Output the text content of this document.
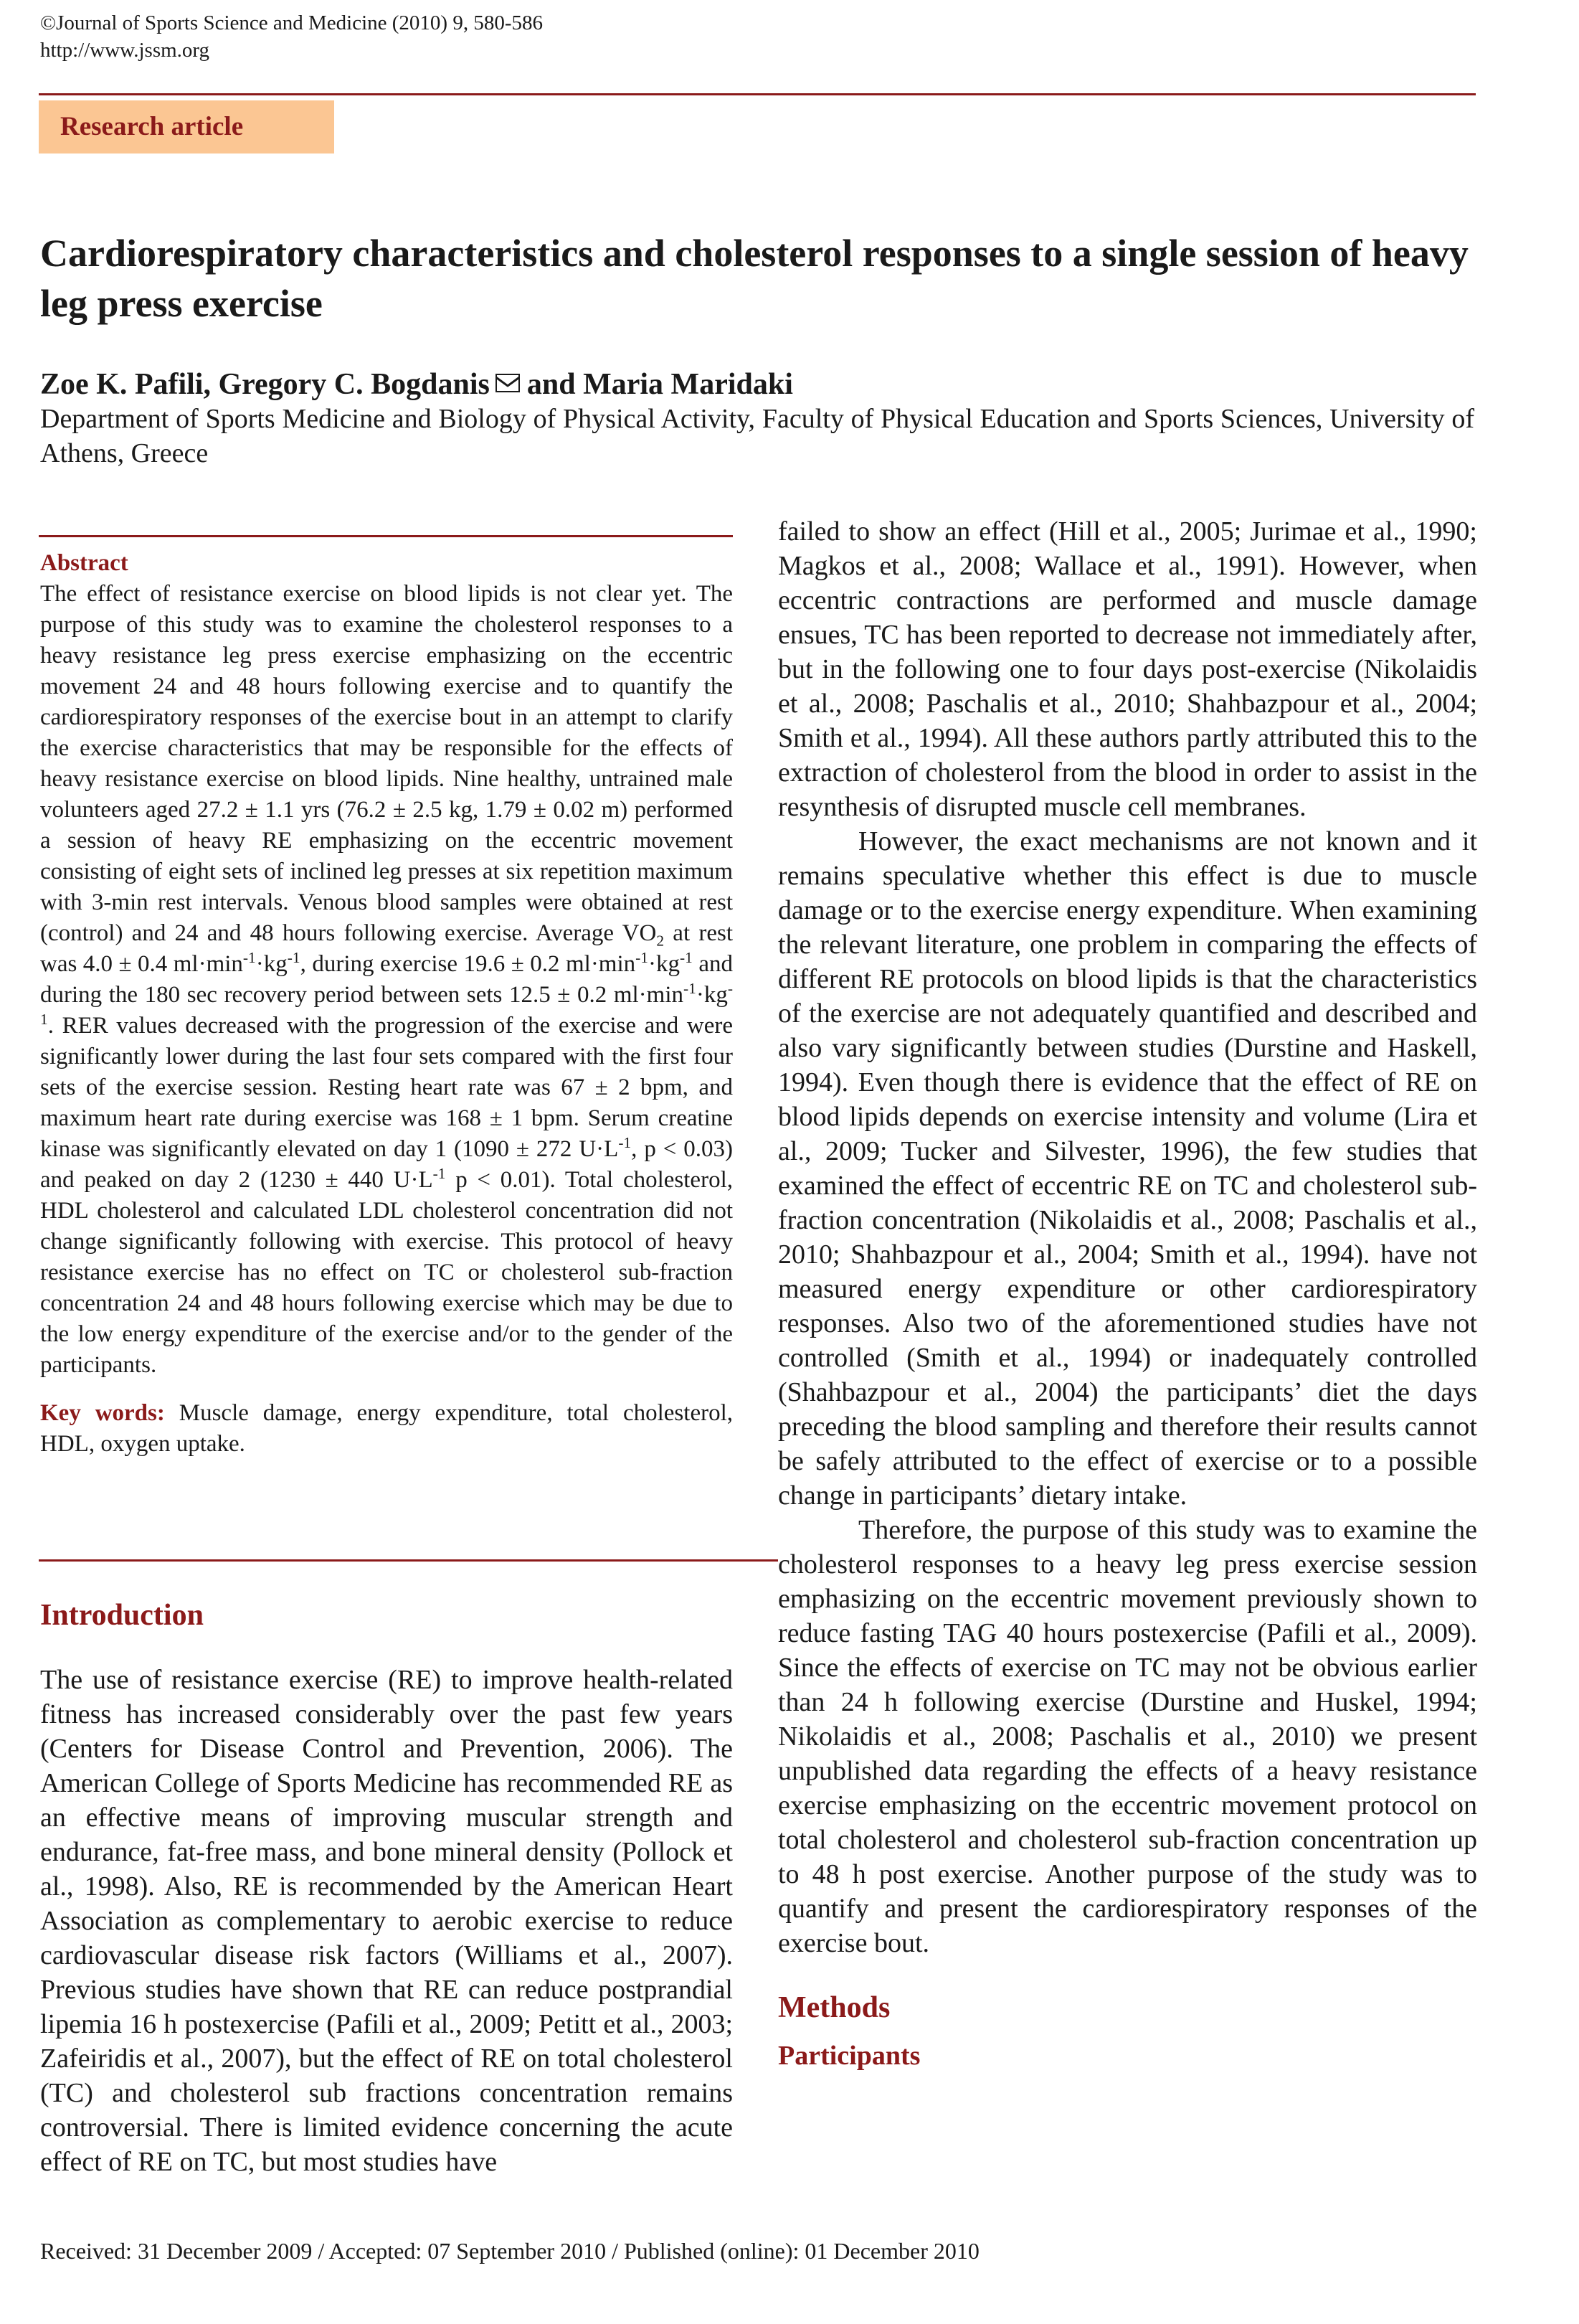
©Journal of Sports Science and Medicine (2010) 9, 580-586
http://www.jssm.org
Research article
Cardiorespiratory characteristics and cholesterol responses to a single session of heavy leg press exercise
Zoe K. Pafili, Gregory C. Bogdanis and Maria Maridaki
Department of Sports Medicine and Biology of Physical Activity, Faculty of Physical Education and Sports Sciences, University of Athens, Greece
Abstract

The effect of resistance exercise on blood lipids is not clear yet. The purpose of this study was to examine the cholesterol responses to a heavy resistance leg press exercise emphasizing on the eccentric movement 24 and 48 hours following exercise and to quantify the cardiorespiratory responses of the exercise bout in an attempt to clarify the exercise characteristics that may be responsible for the effects of heavy resistance exercise on blood lipids. Nine healthy, untrained male volunteers aged 27.2 ± 1.1 yrs (76.2 ± 2.5 kg, 1.79 ± 0.02 m) performed a session of heavy RE emphasizing on the eccentric movement consisting of eight sets of inclined leg presses at six repetition maximum with 3-min rest intervals. Venous blood samples were obtained at rest (control) and 24 and 48 hours following exercise. Average $VO_2$ at rest was 4.0 ± 0.4 $ml\cdot\min^{-1}\cdot kg^{-1}$, during exercise 19.6 ± 0.2 $ml\cdot\min^{-1}\cdot kg^{-1}$ and during the 180 sec recovery period between sets 12.5 ± 0.2 $ml\cdot\min^{-1}\cdot kg^{-1}$. RER values decreased with the progression of the exercise and were significantly lower during the last four sets compared with the first four sets of the exercise session. Resting heart rate was 67 ± 2 bpm, and maximum heart rate during exercise was 168 ± 1 bpm. Serum creatine kinase was significantly elevated on day 1 (1090 ± 272 $U\cdot L^{-1}$, p < 0.03) and peaked on day 2 (1230 ± 440 $U\cdot L^{-1}$ p < 0.01). Total cholesterol, HDL cholesterol and calculated LDL cholesterol concentration did not change significantly following with exercise. This protocol of heavy resistance exercise has no effect on TC or cholesterol sub-fraction concentration 24 and 48 hours following exercise which may be due to the low energy expenditure of the exercise and/or to the gender of the participants.

Key words: Muscle damage, energy expenditure, total cholesterol, HDL, oxygen uptake.

Introduction

The use of resistance exercise (RE) to improve health-related fitness has increased considerably over the past few years (Centers for Disease Control and Prevention, 2006). The American College of Sports Medicine has recommended RE as an effective means of improving muscular strength and endurance, fat-free mass, and bone mineral density (Pollock et al., 1998). Also, RE is recommended by the American Heart Association as complementary to aerobic exercise to reduce cardiovascular disease risk factors (Williams et al., 2007). Previous studies have shown that RE can reduce postprandial lipemia 16 h postexercise (Pafili et al., 2009; Petitt et al., 2003; Zafeiridis et al., 2007), but the effect of RE on total cholesterol (TC) and cholesterol sub fractions concentration remains controversial. There is limited evidence concerning the acute effect of RE on TC, but most studies have

failed to show an effect (Hill et al., 2005; Jurimae et al., 1990; Magkos et al., 2008; Wallace et al., 1991). However, when eccentric contractions are performed and muscle damage ensues, TC has been reported to decrease not immediately after, but in the following one to four days post-exercise (Nikolaidis et al., 2008; Paschalis et al., 2010; Shahbazpour et al., 2004; Smith et al., 1994). All these authors partly attributed this to the extraction of cholesterol from the blood in order to assist in the resynthesis of disrupted muscle cell membranes.

However, the exact mechanisms are not known and it remains speculative whether this effect is due to muscle damage or to the exercise energy expenditure. When examining the relevant literature, one problem in comparing the effects of different RE protocols on blood lipids is that the characteristics of the exercise are not adequately quantified and described and also vary significantly between studies (Durstine and Haskell, 1994). Even though there is evidence that the effect of RE on blood lipids depends on exercise intensity and volume (Lira et al., 2009; Tucker and Silvester, 1996), the few studies that examined the effect of eccentric RE on TC and cholesterol sub-fraction concentration (Nikolaidis et al., 2008; Paschalis et al., 2010; Shahbazpour et al., 2004; Smith et al., 1994). have not measured energy expenditure or other cardiorespiratory responses. Also two of the aforementioned studies have not controlled (Smith et al., 1994) or inadequately controlled (Shahbazpour et al., 2004) the participants’ diet the days preceding the blood sampling and therefore their results cannot be safely attributed to the effect of exercise or to a possible change in participants’ dietary intake.

Therefore, the purpose of this study was to examine the cholesterol responses to a heavy leg press exercise session emphasizing on the eccentric movement previously shown to reduce fasting TAG 40 hours postexercise (Pafili et al., 2009). Since the effects of exercise on TC may not be obvious earlier than 24 h following exercise (Durstine and Huskel, 1994; Nikolaidis et al., 2008; Paschalis et al., 2010) we present unpublished data regarding the effects of a heavy resistance exercise emphasizing on the eccentric movement protocol on total cholesterol and cholesterol sub-fraction concentration up to 48 h post exercise. Another purpose of the study was to quantify and present the cardiorespiratory responses of the exercise bout.

Methods
Participants
Received: 31 December 2009 / Accepted: 07 September 2010 / Published (online): 01 December 2010
